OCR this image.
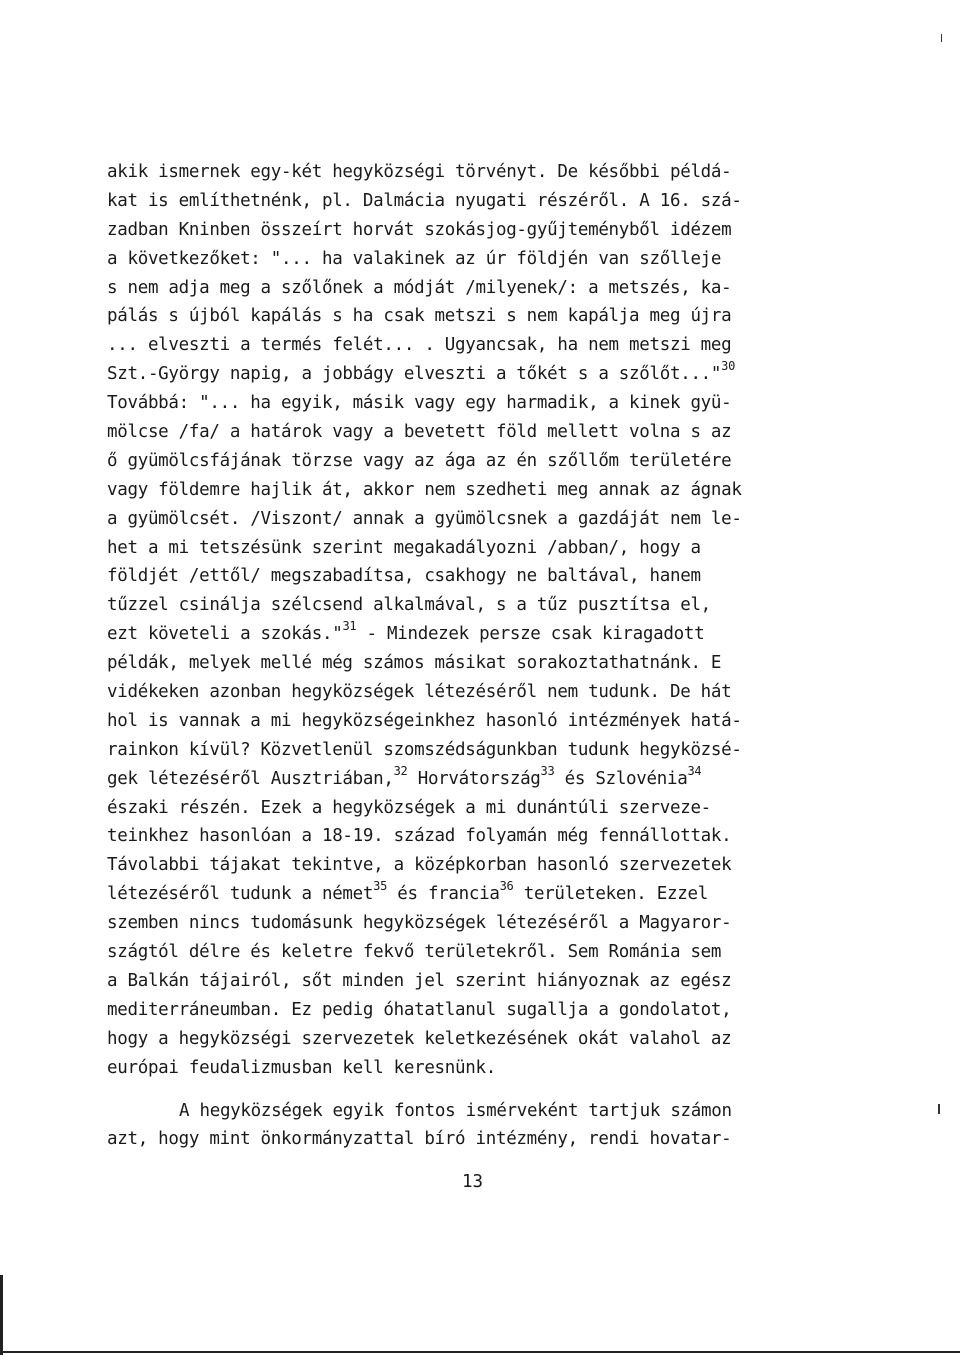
akik ismernek egy-két hegyközségi törvényt. De későbbi példá-
kat is említhetnénk, pl. Dalmácia nyugati részéről. A 16. szá-
zadban Kninben összeírt horvát szokásjog-gyűjteményből idézem
a következőket: "... ha valakinek az úr földjén van szőlleje
s nem adja meg a szőlőnek a módját /milyenek/: a metszés, ka-
pálás s újból kapálás s ha csak metszi s nem kapálja meg újra
... elveszti a termés felét... . Ugyancsak, ha nem metszi meg
Szt.-György napig, a jobbágy elveszti a tőkét s a szőlőt..."$^{30}$
Továbbá: "... ha egyik, másik vagy egy harmadik, a kinek gyü-
mölcse /fa/ a határok vagy a bevetett föld mellett volna s az
ő gyümölcsfájának törzse vagy az ága az én szőllőm területére
vagy földemre hajlik át, akkor nem szedheti meg annak az ágnak
a gyümölcsét. /Viszont/ annak a gyümölcsnek a gazdáját nem le-
het a mi tetszésünk szerint megakadályozni /abban/, hogy a
földjét /ettől/ megszabadítsa, csakhogy ne baltával, hanem
tűzzel csinálja szélcsend alkalmával, s a tűz pusztítsa el,
ezt követeli a szokás."$^{31}$ - Mindezek persze csak kiragadott
példák, melyek mellé még számos másikat sorakoztathatnánk. E
vidékeken azonban hegyközségek létezéséről nem tudunk. De hát
hol is vannak a mi hegyközségeinkhez hasonló intézmények hatá-
rainkon kívül? Közvetlenül szomszédságunkban tudunk hegyközsé-
gek létezéséről Ausztriában,$^{32}$ Horvátország$^{33}$ és Szlovénia$^{34}$
északi részén. Ezek a hegyközségek a mi dunántúli szerveze-
teinkhez hasonlóan a 18-19. század folyamán még fennállottak.
Távolabbi tájakat tekintve, a középkorban hasonló szervezetek
létezéséről tudunk a német$^{35}$ és francia$^{36}$ területeken. Ezzel
szemben nincs tudomásunk hegyközségek létezéséről a Magyaror-
szágtól délre és keletre fekvő területekről. Sem Románia sem
a Balkán tájairól, sőt minden jel szerint hiányoznak az egész
mediterráneumban. Ez pedig óhatatlanul sugallja a gondolatot,
hogy a hegyközségi szervezetek keletkezésének okát valahol az
európai feudalizmusban kell keresnünk.
A hegyközségek egyik fontos ismérveként tartjuk számon
azt, hogy mint önkormányzattal bíró intézmény, rendi hovatar-
13
